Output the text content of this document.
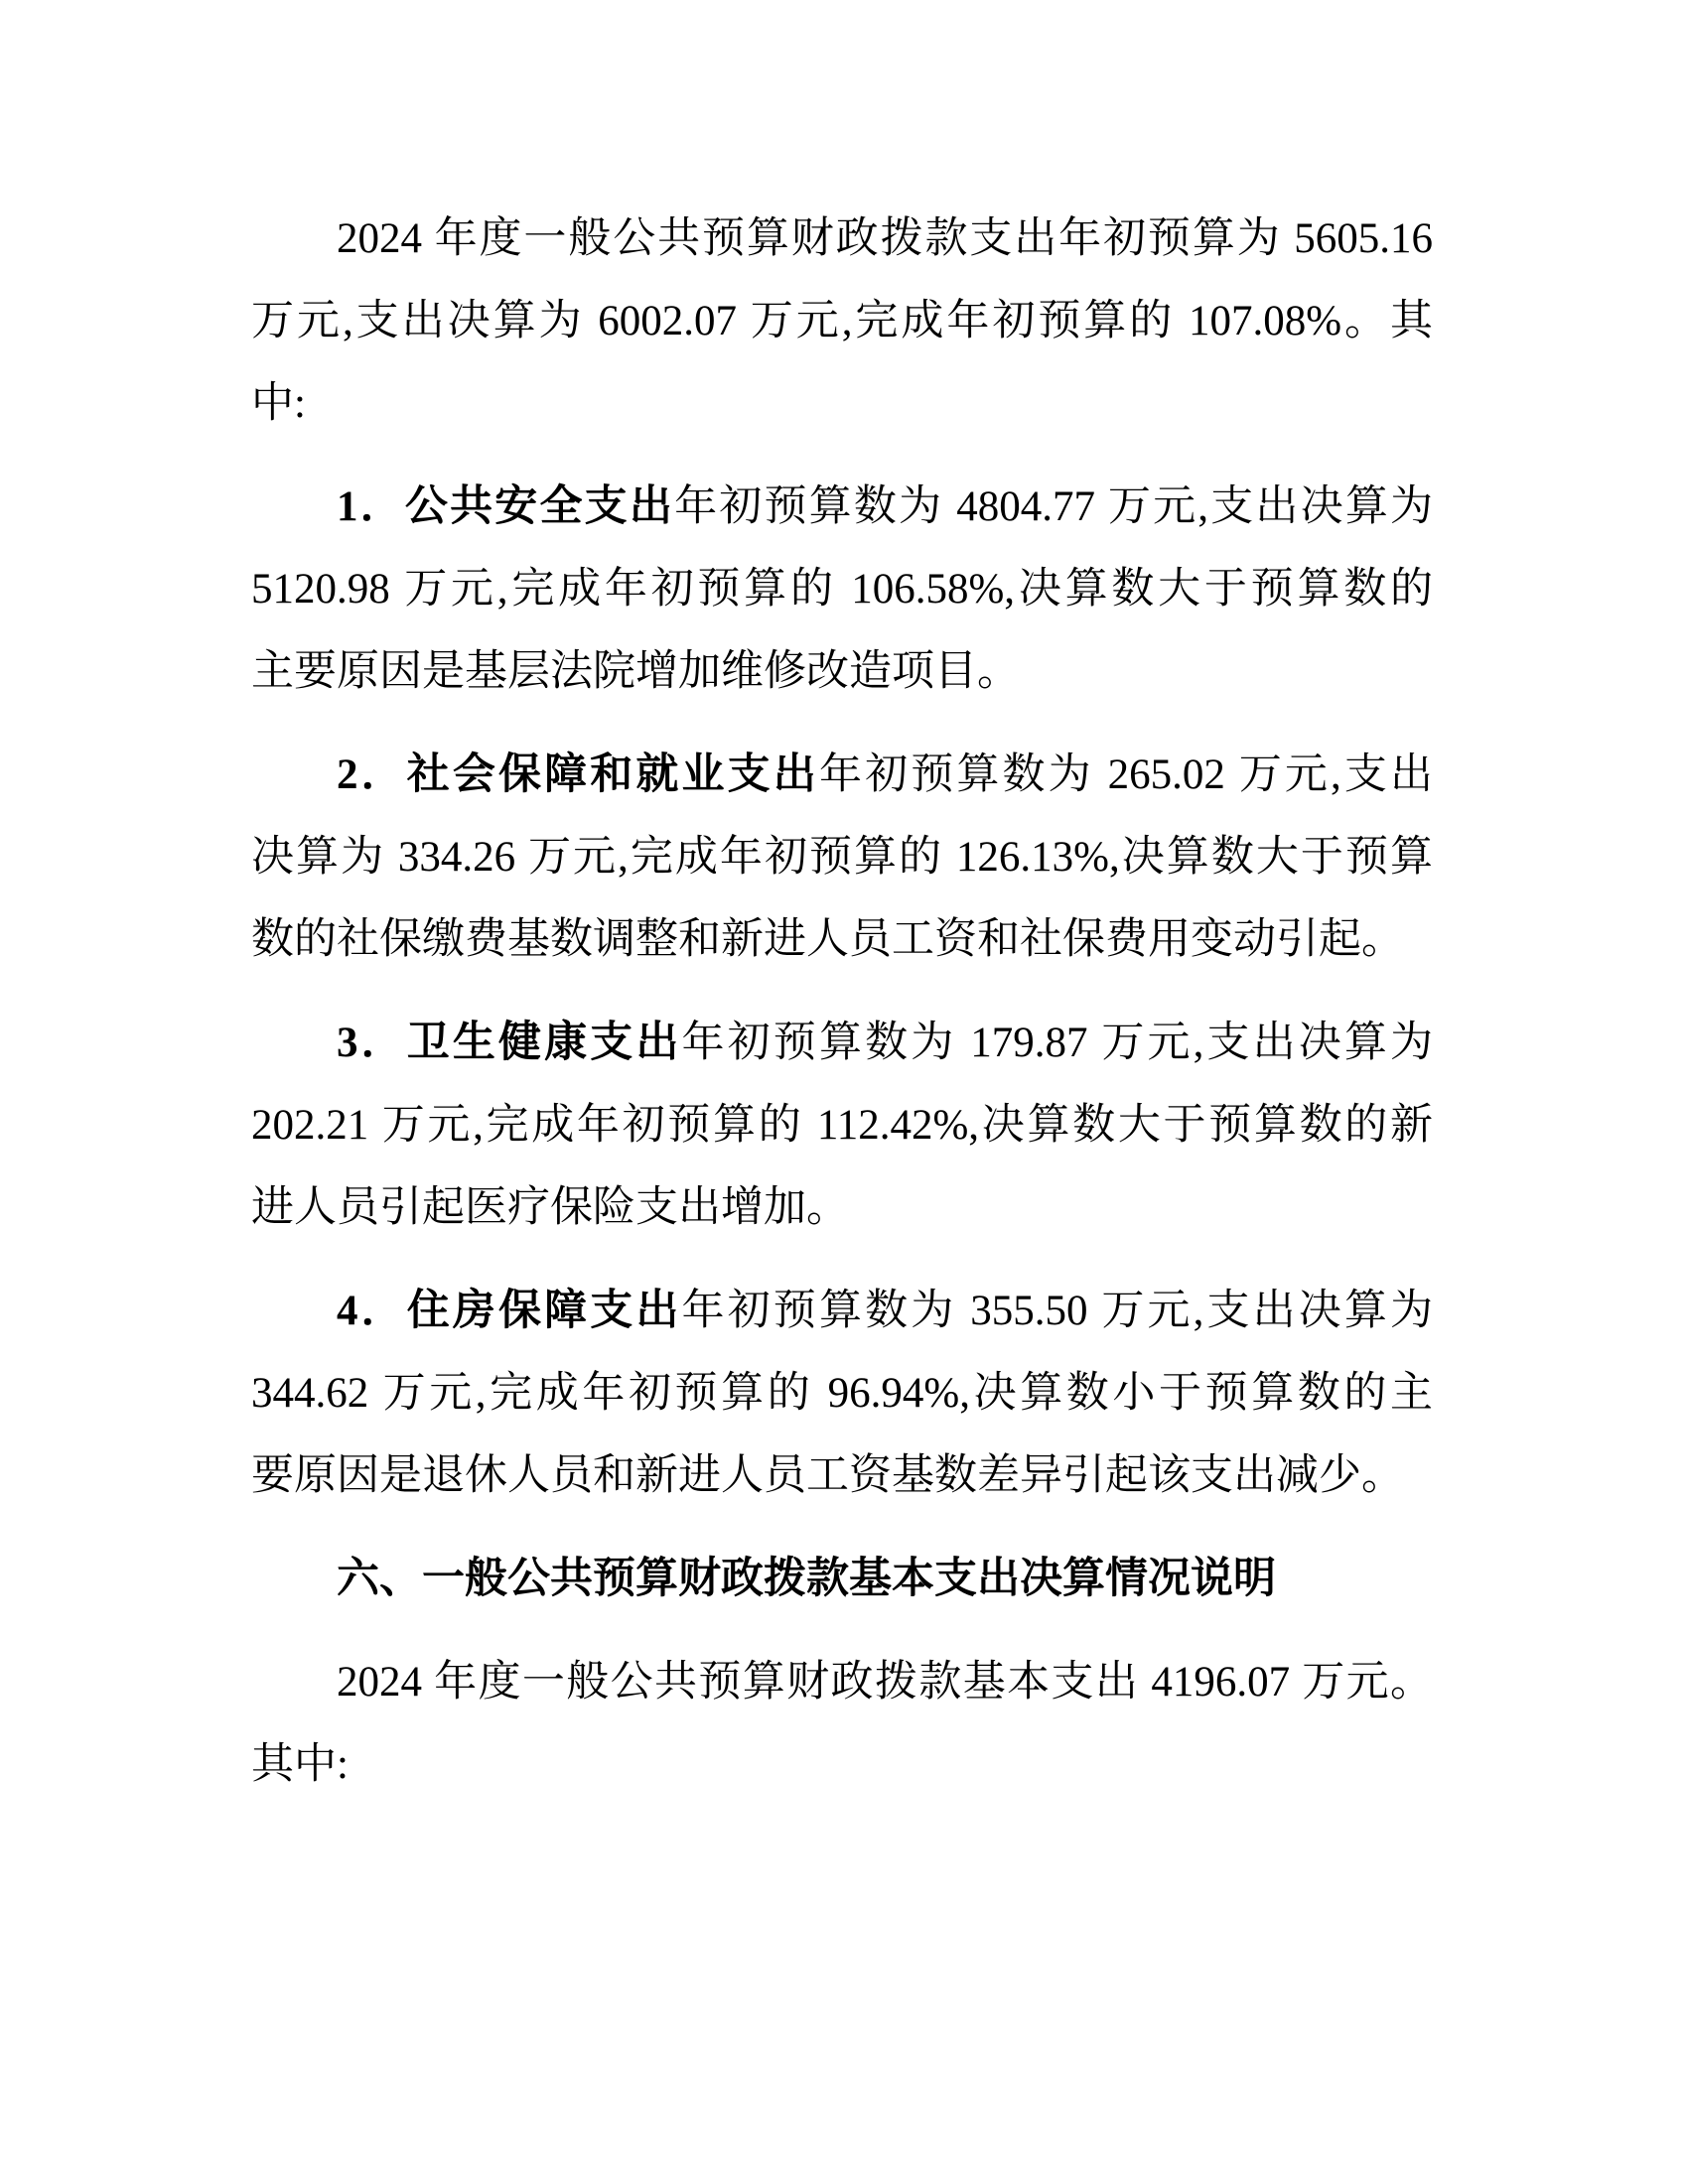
2024 年度一般公共预算财政拨款支出年初预算为 5605.16
万元,支出决算为 6002.07 万元,完成年初预算的 107.08%。其
中:
1．公共安全支出年初预算数为 4804.77 万元,支出决算为
5120.98 万元,完成年初预算的 106.58%,决算数大于预算数的
主要原因是基层法院增加维修改造项目。
2．社会保障和就业支出年初预算数为 265.02 万元,支出
决算为 334.26 万元,完成年初预算的 126.13%,决算数大于预算
数的社保缴费基数调整和新进人员工资和社保费用变动引起。
3．卫生健康支出年初预算数为 179.87 万元,支出决算为
202.21 万元,完成年初预算的 112.42%,决算数大于预算数的新
进人员引起医疗保险支出增加。
4．住房保障支出年初预算数为 355.50 万元,支出决算为
344.62 万元,完成年初预算的 96.94%,决算数小于预算数的主
要原因是退休人员和新进人员工资基数差异引起该支出减少。
六、一般公共预算财政拨款基本支出决算情况说明
2024 年度一般公共预算财政拨款基本支出 4196.07 万元。
其中:
